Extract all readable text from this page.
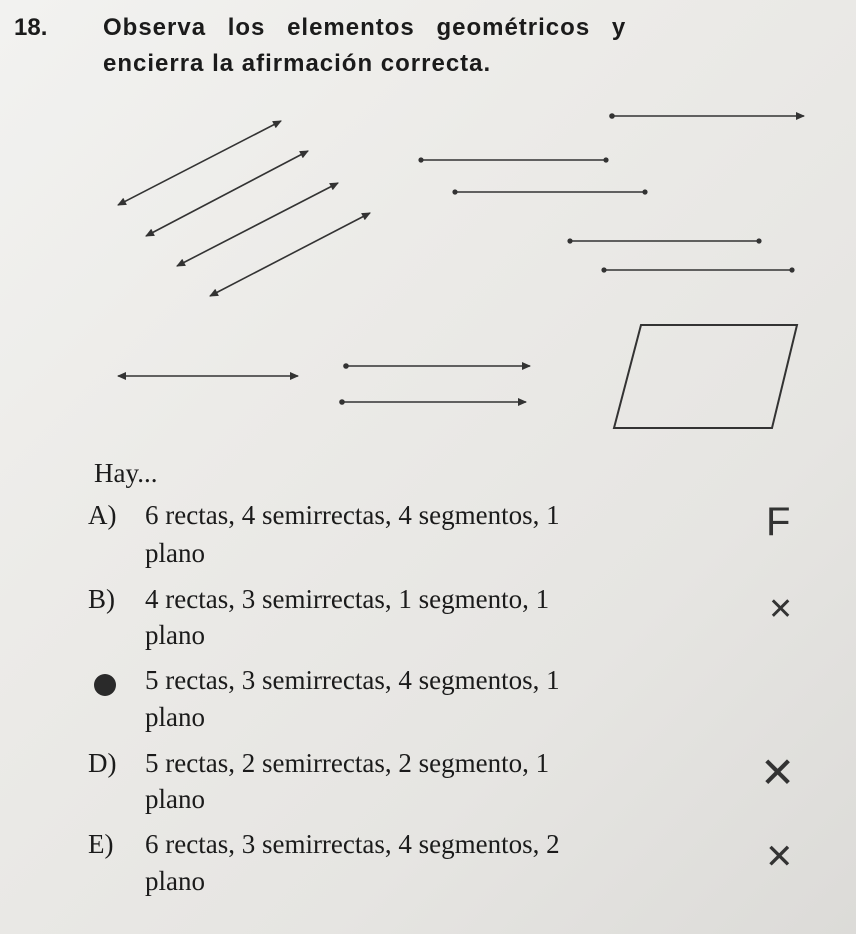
18. Observa los elementos geométricos y
encierra la afirmación correcta.
Hay...
A) 6 rectas, 4 semirrectas, 4 segmentos, 1
plano
F
B) 4 rectas, 3 semirrectas, 1 segmento, 1
plano
✕
5 rectas, 3 semirrectas, 4 segmentos, 1
plano
D) 5 rectas, 2 semirrectas, 2 segmento, 1
plano
✕
E) 6 rectas, 3 semirrectas, 4 segmentos, 2
plano
✕
